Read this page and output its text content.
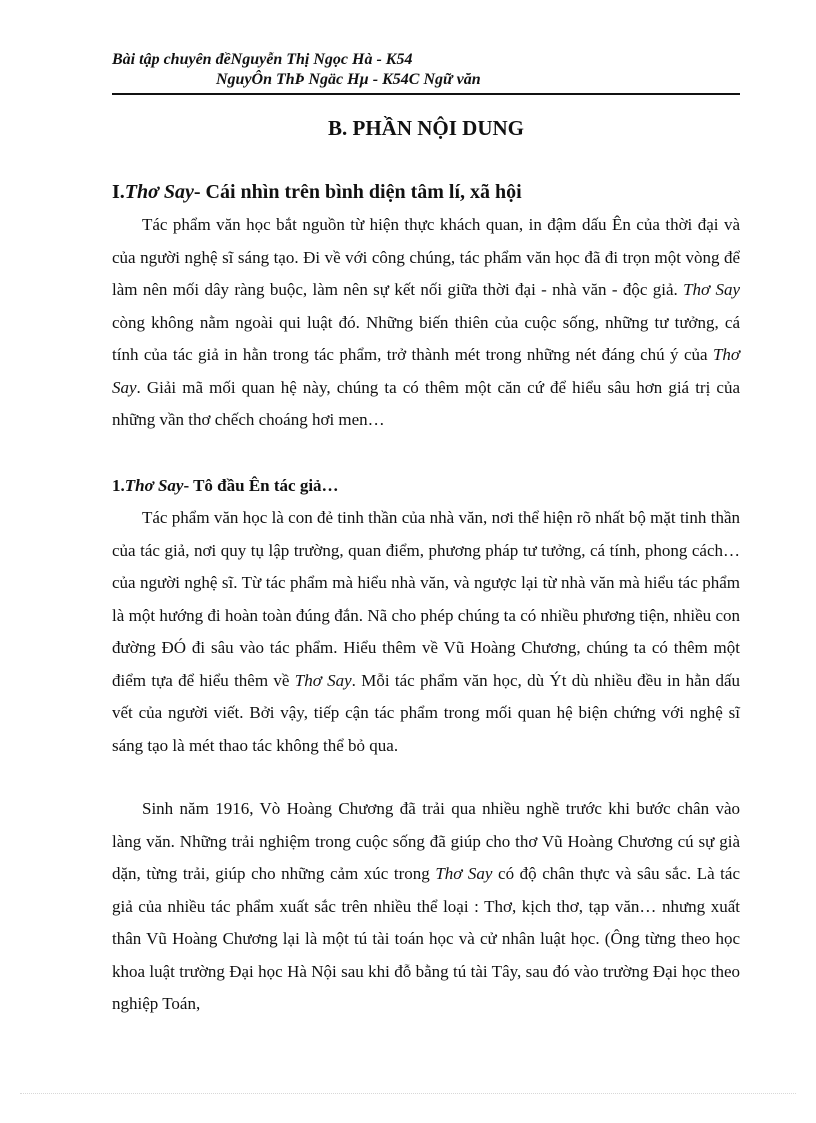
Bài tập chuyên đềNguyễn Thị Ngọc Hà - K54
NguyÔn ThÞ Ngäc Hµ - K54C Ngữ văn
B. PHẦN NỘI DUNG
I.Thơ Say- Cái nhìn trên bình diện tâm lí, xã hội

Tác phẩm văn học bắt nguồn từ hiện thực khách quan, in đậm dấu Ên của thời đại và của người nghệ sĩ sáng tạo. Đi về với công chúng, tác phẩm văn học đã đi trọn một vòng để làm nên mối dây ràng buộc, làm nên sự kết nối giữa thời đại - nhà văn - độc giả. Thơ Say còng không nằm ngoài qui luật đó. Những biến thiên của cuộc sống, những tư tưởng, cá tính của tác giả in hằn trong tác phẩm, trở thành mét trong những nét đáng chú ý của Thơ Say. Giải mã mối quan hệ này, chúng ta có thêm một căn cứ để hiểu sâu hơn giá trị của những vần thơ chếch choáng hơi men…

1.Thơ Say- Tô đầu Ên tác giả…

Tác phẩm văn học là con đẻ tinh thần của nhà văn, nơi thể hiện rõ nhất bộ mặt tinh thần của tác giả, nơi quy tụ lập trường, quan điểm, phương pháp tư tưởng, cá tính, phong cách… của người nghệ sĩ. Từ tác phẩm mà hiểu nhà văn, và ngược lại từ nhà văn mà hiểu tác phẩm là một hướng đi hoàn toàn đúng đắn. Nã cho phép chúng ta có nhiều phương tiện, nhiều con đường ĐÓ đi sâu vào tác phẩm. Hiểu thêm về Vũ Hoàng Chương, chúng ta có thêm một điểm tựa để hiểu thêm về Thơ Say. Mỗi tác phẩm văn học, dù Ýt dù nhiều đều in hằn dấu vết của người viết. Bởi vậy, tiếp cận tác phẩm trong mối quan hệ biện chứng với nghệ sĩ sáng tạo là mét thao tác không thể bỏ qua.

Sinh năm 1916, Vò Hoàng Chương đã trải qua nhiều nghề trước khi bước chân vào làng văn. Những trải nghiệm trong cuộc sống đã giúp cho thơ Vũ Hoàng Chương cú sự già dặn, từng trải, giúp cho những cảm xúc trong Thơ Say có độ chân thực và sâu sắc. Là tác giả của nhiều tác phẩm xuất sắc trên nhiều thể loại : Thơ, kịch thơ, tạp văn… nhưng xuất thân Vũ Hoàng Chương lại là một tú tài toán học và cử nhân luật học. (Ông từng theo học khoa luật trường Đại học Hà Nội sau khi đỗ bằng tú tài Tây, sau đó vào trường Đại học theo nghiệp Toán,
